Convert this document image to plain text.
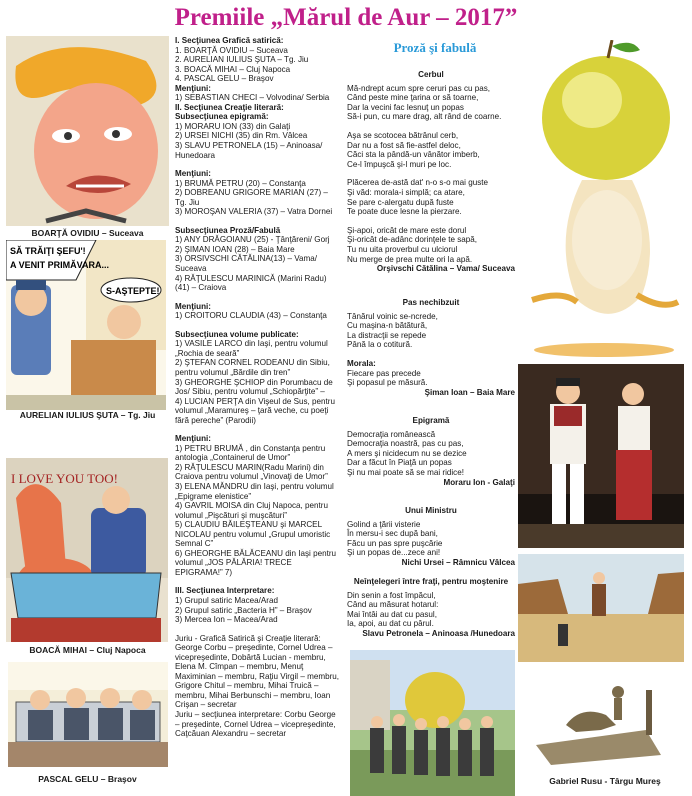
Premiile „Mărul de Aur – 2017”
BOARŢĂ OVIDIU – Suceava
SĂ TRĂIŢI ŞEFU'!
A VENIT PRIMĂVARA...
S-AŞTEPTE!
AURELIAN IULIUS ŞUTA – Tg. Jiu
I LOVE YOU TOO!
BOACĂ MIHAI – Cluj Napoca
PASCAL GELU – Braşov
I. Secţiunea Grafică satirică:
1. BOARŢĂ OVIDIU – Suceava
2. AURELIAN IULIUS ŞUTA – Tg. Jiu
3. BOACĂ MIHAI – Cluj Napoca
4. PASCAL GELU – Braşov
Menţiuni:
1) SEBASTIAN CHECI – Volvodina/ Serbia
II. Secţiunea Creaţie literară:
Subsecţiunea epigramă:
1) MORARU ION (33) din Galaţi
2) URSEI NICHI (35) din Rm. Vâlcea
3) SLAVU PETRONELA (15) – Aninoasa/ Hunedoara
Menţiuni:
1) BRUMĂ PETRU (20) – Constanţa
2) DOBREANU GRIGORE MARIAN (27) – Tg. Jiu
3) MOROŞAN VALERIA (37) – Vatra Dornei
Subsecţiunea Proză/Fabulă
1) ANY DRĂGOIANU (25) - Ţânţăreni/ Gorj
2) ŞIMAN IOAN (28) – Baia Mare
3) ORSIVSCHI CĂTĂLINA(13) – Vama/ Suceava
4) RĂŢULESCU MARINICĂ (Marini Radu) (41) – Craiova
Menţiuni:
1) CROITORU CLAUDIA (43) – Constanţa
Subsecţiunea volume publicate:
1) VASILE LARCO din Iaşi, pentru volumul „Rochia de seară”
2) ŞTEFAN CORNEL RODEANU din Sibiu, pentru volumul „Bărdile din tren”
3) GHEORGHE ŞCHIOP din Porumbacu de Jos/ Sibiu, pentru volumul „Schiopărţite” –
4) LUCIAN PERŢA din Vişeul de Sus, pentru volumul „Maramureş – ţară veche, cu poeţi fără pereche” (Parodii)
Menţiuni:
1) PETRU BRUMĂ , din Constanţa pentru antologia „Containerul de Umor”
2) RĂŢULESCU MARIN(Radu Marini) din Craiova pentru volumul „Vinovaţi de Umor”
3) ELENA MĂNDRU din Iaşi, pentru volumul „Epigrame elenistice”
4) GAVRIL MOISA din Cluj Napoca, pentru volumul „Pişcături şi muşcături”
5) CLAUDIU BĂILEŞTEANU şi MARCEL NICOLAU pentru volumul „Grupul umoristic Semnal C”
6) GHEORGHE BĂLĂCEANU din Iaşi pentru volumul „JOS PĂLĂRIA! TRECE EPIGRAMA!” 7)
III. Secţiunea Interpretare:
1) Grupul satiric Macea/Arad
2) Grupul satiric „Bacteria H” – Braşov
3) Mercea Ion – Macea/Arad
Juriu - Grafică Satirică şi Creaţie literară: George Corbu – preşedinte, Cornel Udrea – vicepreşedinte, Dobârtă Lucian - membru, Elena M. Cîmpan – membru, Menuţ Maximinian – membru, Raţiu Virgil – membru, Grigore Chitul – membru, Mihai Truică – membru, Mihai Berbunschi – membru, Ioan Crişan – secretar
Juriu – secţiunea interpretare: Corbu George – preşedinte, Cornel Udrea – vicepreşedinte, Caţcăuan Alexandru – secretar
Proză şi fabulă
Cerbul
Mă-ndrept acum spre ceruri pas cu pas,
Când peste mine ţarina or să toarne,
Dar la vecini fac lesnuţ un popas
Să-i pun, cu mare drag, alt rând de coarne.
Aşa se scotocea bătrânul cerb,
Dar nu a fost să fie-astfel deloc,
Căci sta la pândă-un vânător imberb,
Ce-l împuşcă şi-l muri pe loc.
Plăcerea de-astă dat' n-o s-o mai guste
Şi văd: morala-i simplă; ca atare,
Se pare c-alergatu după fuste
Te poate duce lesne la pierzare.
Şi-apoi, oricât de mare este dorul
Şi-oricât de-adânc dorinţele te sapă,
Tu nu uita proverbul cu ulciorul
Nu merge de prea multe ori la apă.
Orşivschi Cătălina – Vama/ Suceava
Pas nechibzuit
Tânărul voinic se-ncrede,
Cu maşina-n bătătură,
La distracţii se repede
Până la o cotitură.
Morala:
Fiecare pas precede
Şi popasul pe măsură.
Şiman Ioan – Baia Mare
Epigramă
Democraţia românească
Democraţia noastră, pas cu pas,
A mers şi nicidecum nu se dezice
Dar a făcut în Piaţă un popas
Şi nu mai poate să se mai ridice!
Moraru Ion - Galaţi
Unui Ministru
Golind a ţării visterie
În mersu-i sec după bani,
Făcu un pas spre puşcărie
Şi un popas de...zece ani!
Nichi Ursei – Râmnicu Vâlcea
Neînţelegeri între fraţi, pentru moştenire
Din senin a fost împăcul,
Când au măsurat hotarul:
Mai întâi au dat cu pasul,
Ia, apoi, au dat cu pârul.
Slavu Petronela – Aninoasa /Hunedoara
Gabriel Rusu - Târgu Mureş
